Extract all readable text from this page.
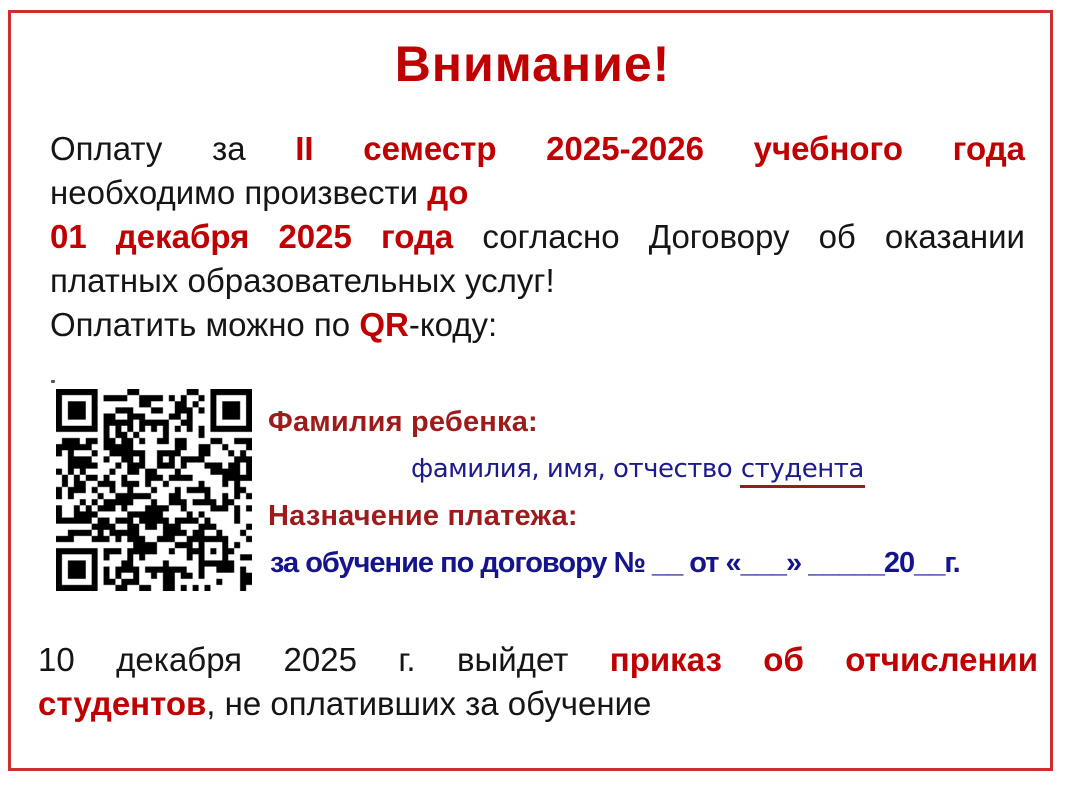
Внимание!
Оплату за II семестр 2025-2026 учебного года
необходимо произвести до
01 декабря 2025 года согласно Договору об оказании
платных образовательных услуг!
Оплатить можно по QR-коду:
Фамилия ребенка:
фамилия, имя, отчество студента
Назначение платежа:
за обучение по договору № __ от «___» _____20__г.
10 декабря 2025 г. выйдет приказ об отчислении
студентов, не оплативших за обучение
